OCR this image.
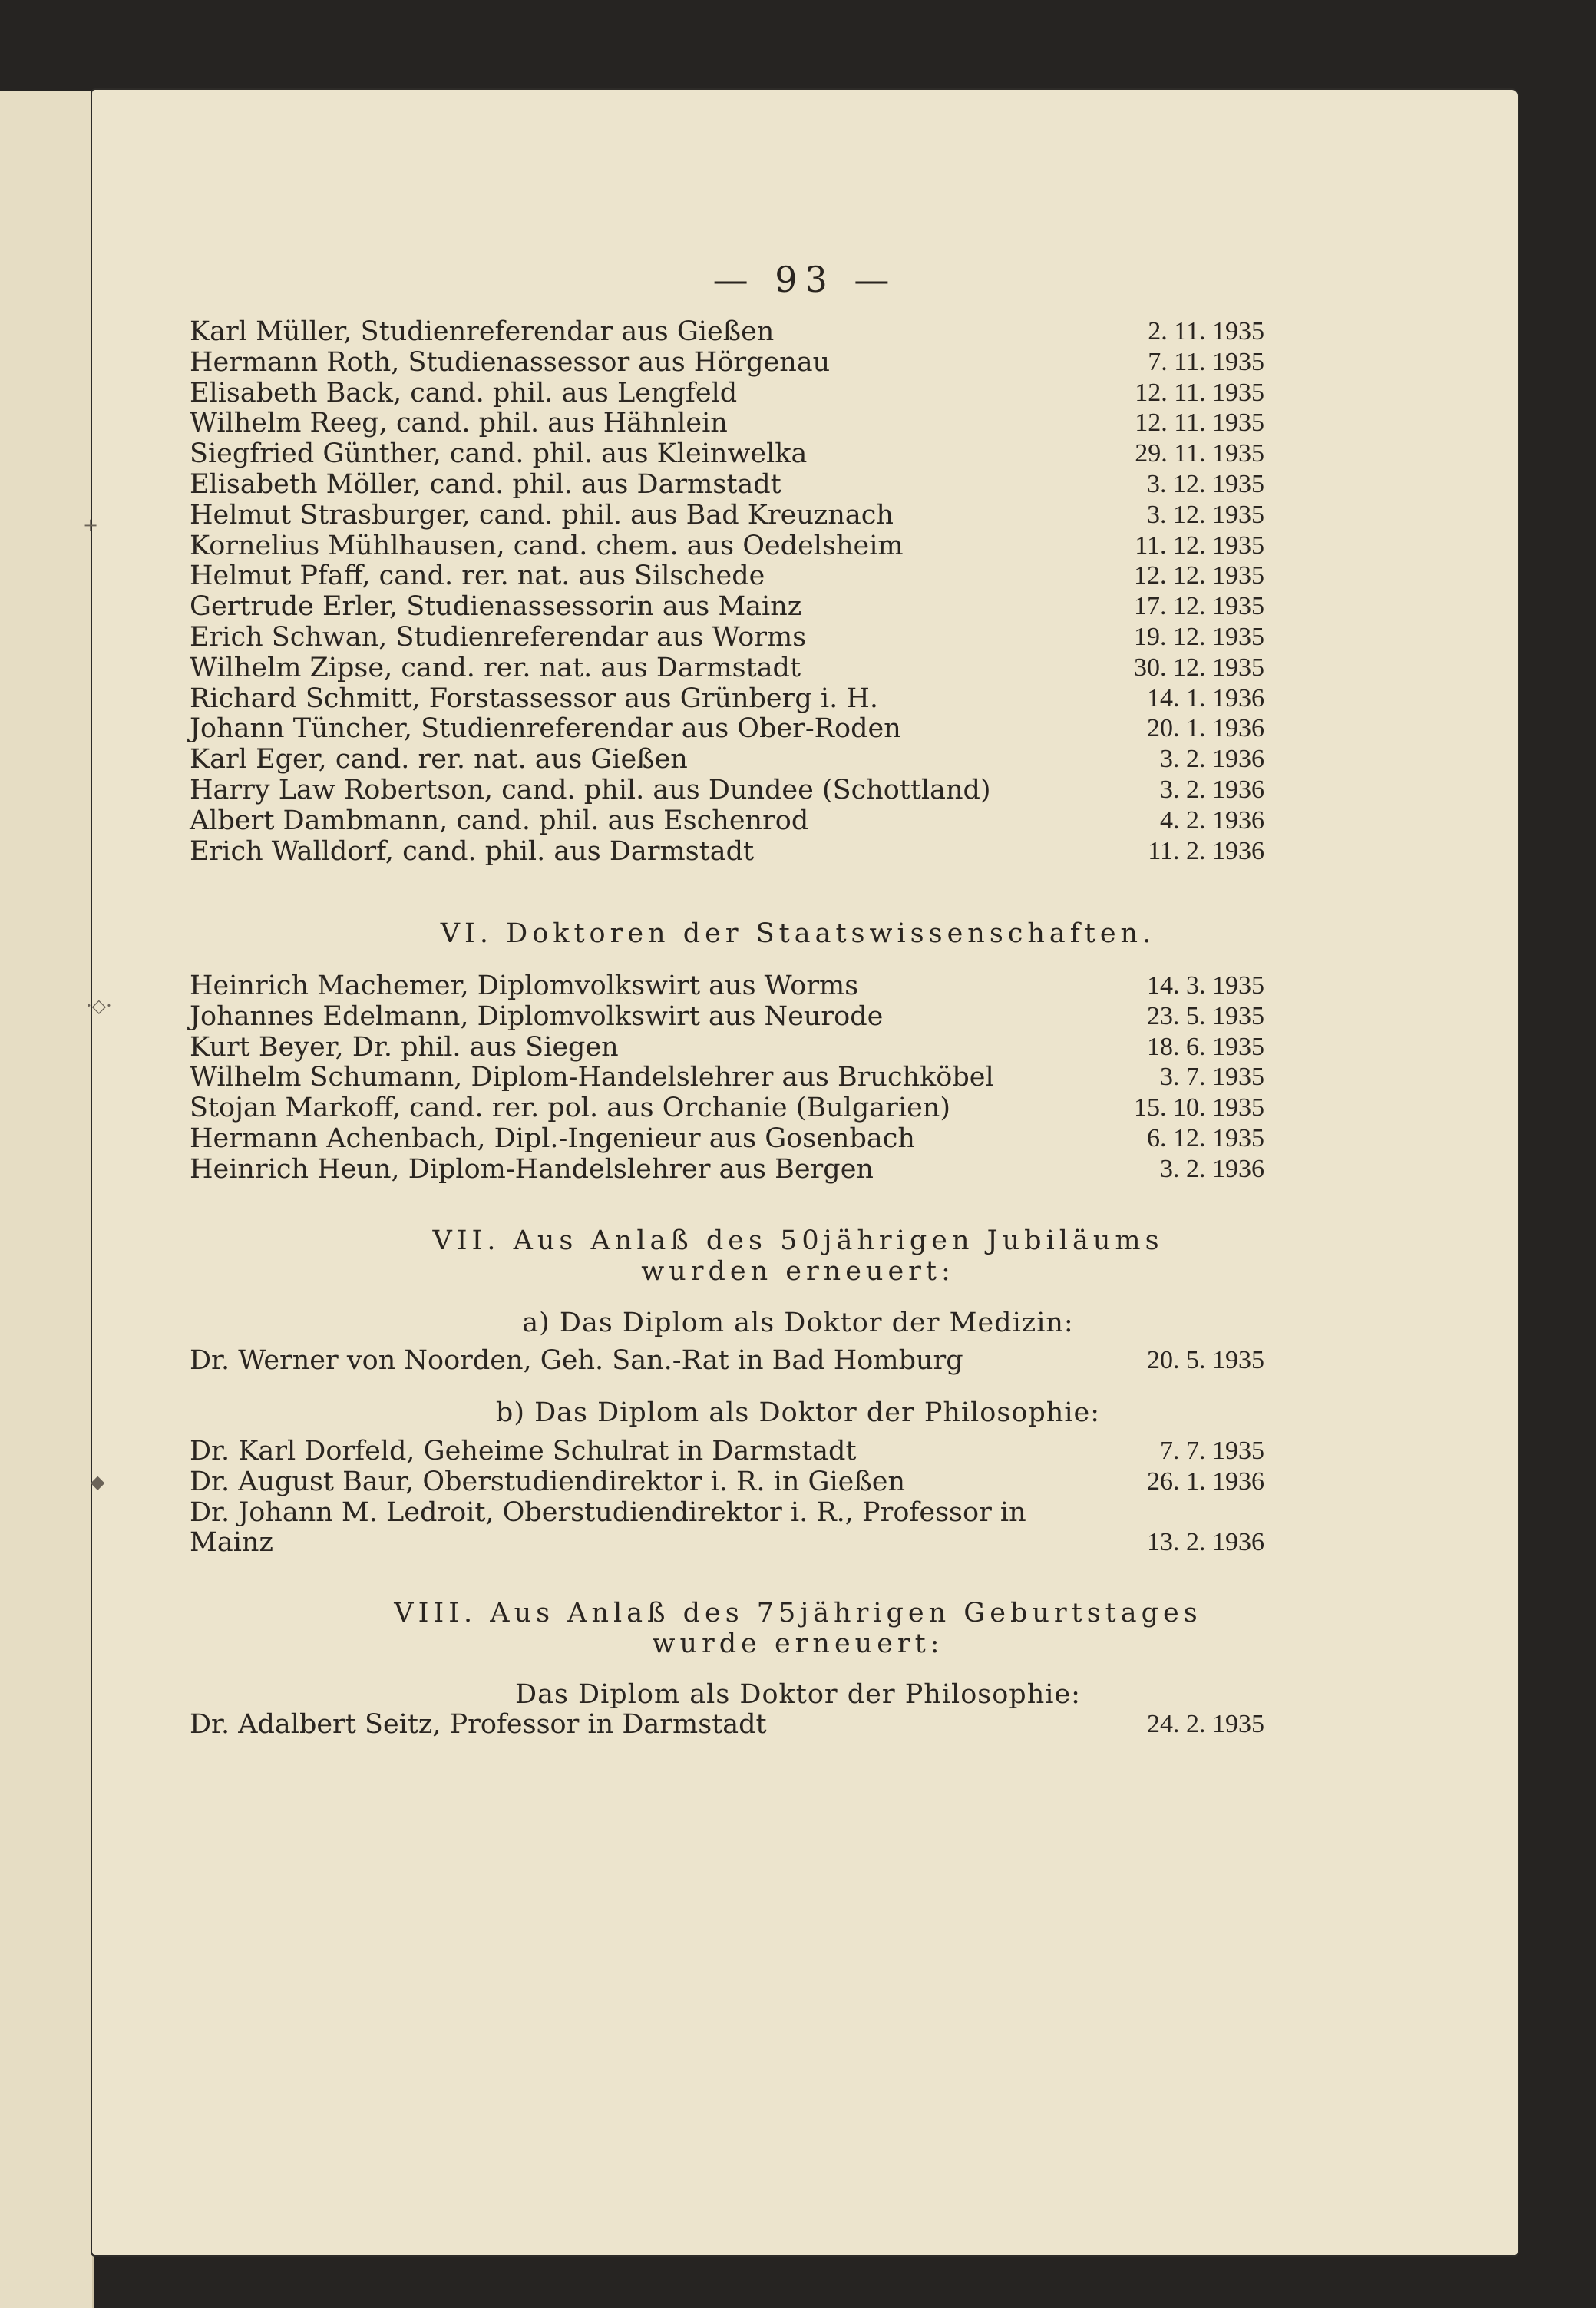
— 93 —
Karl Müller, Studienreferendar aus Gießen	2. 11. 1935
Hermann Roth, Studienassessor aus Hörgenau	7. 11. 1935
Elisabeth Back, cand. phil. aus Lengfeld	12. 11. 1935
Wilhelm Reeg, cand. phil. aus Hähnlein	12. 11. 1935
Siegfried Günther, cand. phil. aus Kleinwelka	29. 11. 1935
Elisabeth Möller, cand. phil. aus Darmstadt	3. 12. 1935
Helmut Strasburger, cand. phil. aus Bad Kreuznach	3. 12. 1935
Kornelius Mühlhausen, cand. chem. aus Oedelsheim	11. 12. 1935
Helmut Pfaff, cand. rer. nat. aus Silschede	12. 12. 1935
Gertrude Erler, Studienassessorin aus Mainz	17. 12. 1935
Erich Schwan, Studienreferendar aus Worms	19. 12. 1935
Wilhelm Zipse, cand. rer. nat. aus Darmstadt	30. 12. 1935
Richard Schmitt, Forstassessor aus Grünberg i. H.	14. 1. 1936
Johann Tüncher, Studienreferendar aus Ober-Roden	20. 1. 1936
Karl Eger, cand. rer. nat. aus Gießen	3. 2. 1936
Harry Law Robertson, cand. phil. aus Dundee (Schottland)	3. 2. 1936
Albert Dambmann, cand. phil. aus Eschenrod	4. 2. 1936
Erich Walldorf, cand. phil. aus Darmstadt	11. 2. 1936
VI. Doktoren der Staatswissenschaften.
Heinrich Machemer, Diplomvolkswirt aus Worms	14. 3. 1935
Johannes Edelmann, Diplomvolkswirt aus Neurode	23. 5. 1935
Kurt Beyer, Dr. phil. aus Siegen	18. 6. 1935
Wilhelm Schumann, Diplom-Handelslehrer aus Bruchköbel	3. 7. 1935
Stojan Markoff, cand. rer. pol. aus Orchanie (Bulgarien)	15. 10. 1935
Hermann Achenbach, Dipl.-Ingenieur aus Gosenbach	6. 12. 1935
Heinrich Heun, Diplom-Handelslehrer aus Bergen	3. 2. 1936
VII. Aus Anlaß des 50jährigen Jubiläums
wurden erneuert:
a) Das Diplom als Doktor der Medizin:
Dr. Werner von Noorden, Geh. San.-Rat in Bad Homburg	20. 5. 1935
b) Das Diplom als Doktor der Philosophie:
Dr. Karl Dorfeld, Geheime Schulrat in Darmstadt	7. 7. 1935
Dr. August Baur, Oberstudiendirektor i. R. in Gießen	26. 1. 1936
Dr. Johann M. Ledroit, Oberstudiendirektor i. R., Professor in
Mainz	13. 2. 1936
VIII. Aus Anlaß des 75jährigen Geburtstages
wurde erneuert:
Das Diplom als Doktor der Philosophie:
Dr. Adalbert Seitz, Professor in Darmstadt	24. 2. 1935
+
·◇·
◆
